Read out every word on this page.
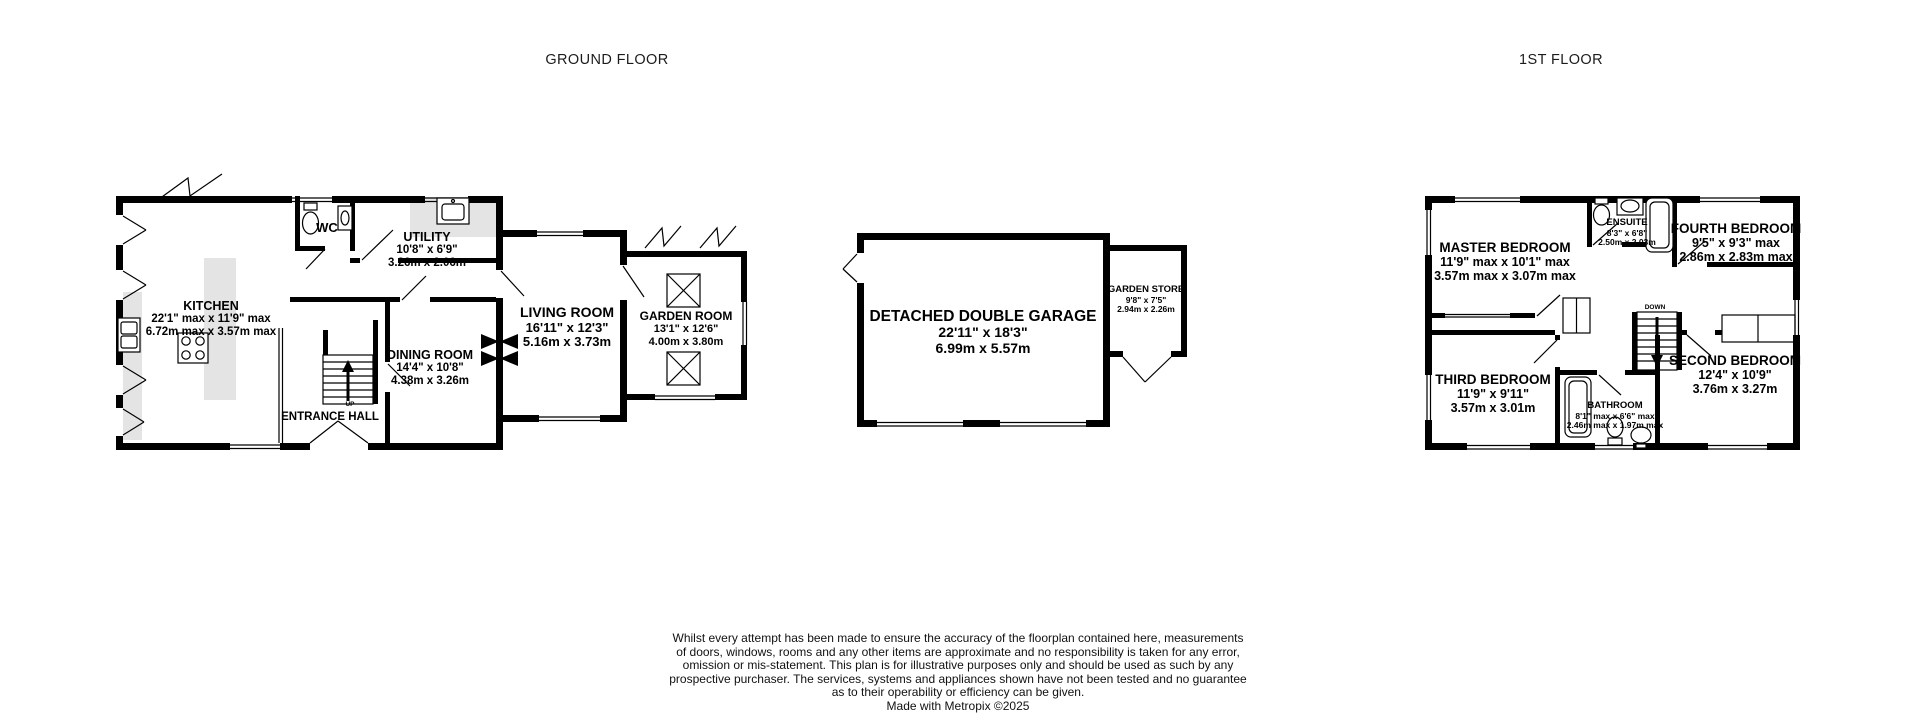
GROUND FLOOR	1ST FLOOR
KITCHEN
22'1" max x 11'9" max
6.72m max x 3.57m max
WC
UTILITY
10'8" x 6'9"
3.26m x 2.06m
DINING ROOM
14'4" x 10'8"
4.38m x 3.26m
LIVING ROOM
16'11" x 12'3"
5.16m x 3.73m
GARDEN ROOM
13'1" x 12'6"
4.00m x 3.80m
UP
ENTRANCE HALL
DETACHED DOUBLE GARAGE
22'11" x 18'3"
6.99m x 5.57m
GARDEN STORE
9'8" x 7'5"
2.94m x 2.26m
MASTER BEDROOM
11'9" max x 10'1" max
3.57m max x 3.07m max
ENSUITE
8'3" x 6'8"
2.50m x 2.03m
FOURTH BEDROOM
9'5" x 9'3" max
2.86m x 2.83m max
DOWN
SECOND BEDROOM
12'4" x 10'9"
3.76m x 3.27m
THIRD BEDROOM
11'9" x 9'11"
3.57m x 3.01m	BATHROOM
8'1" max x 6'6" max
2.46m max x 1.97m max
Whilst every attempt has been made to ensure the accuracy of the floorplan contained here, measurements
of doors, windows, rooms and any other items are approximate and no responsibility is taken for any error,
omission or mis-statement. This plan is for illustrative purposes only and should be used as such by any
prospective purchaser. The services, systems and appliances shown have not been tested and no guarantee
as to their operability or efficiency can be given.
Made with Metropix ©2025
